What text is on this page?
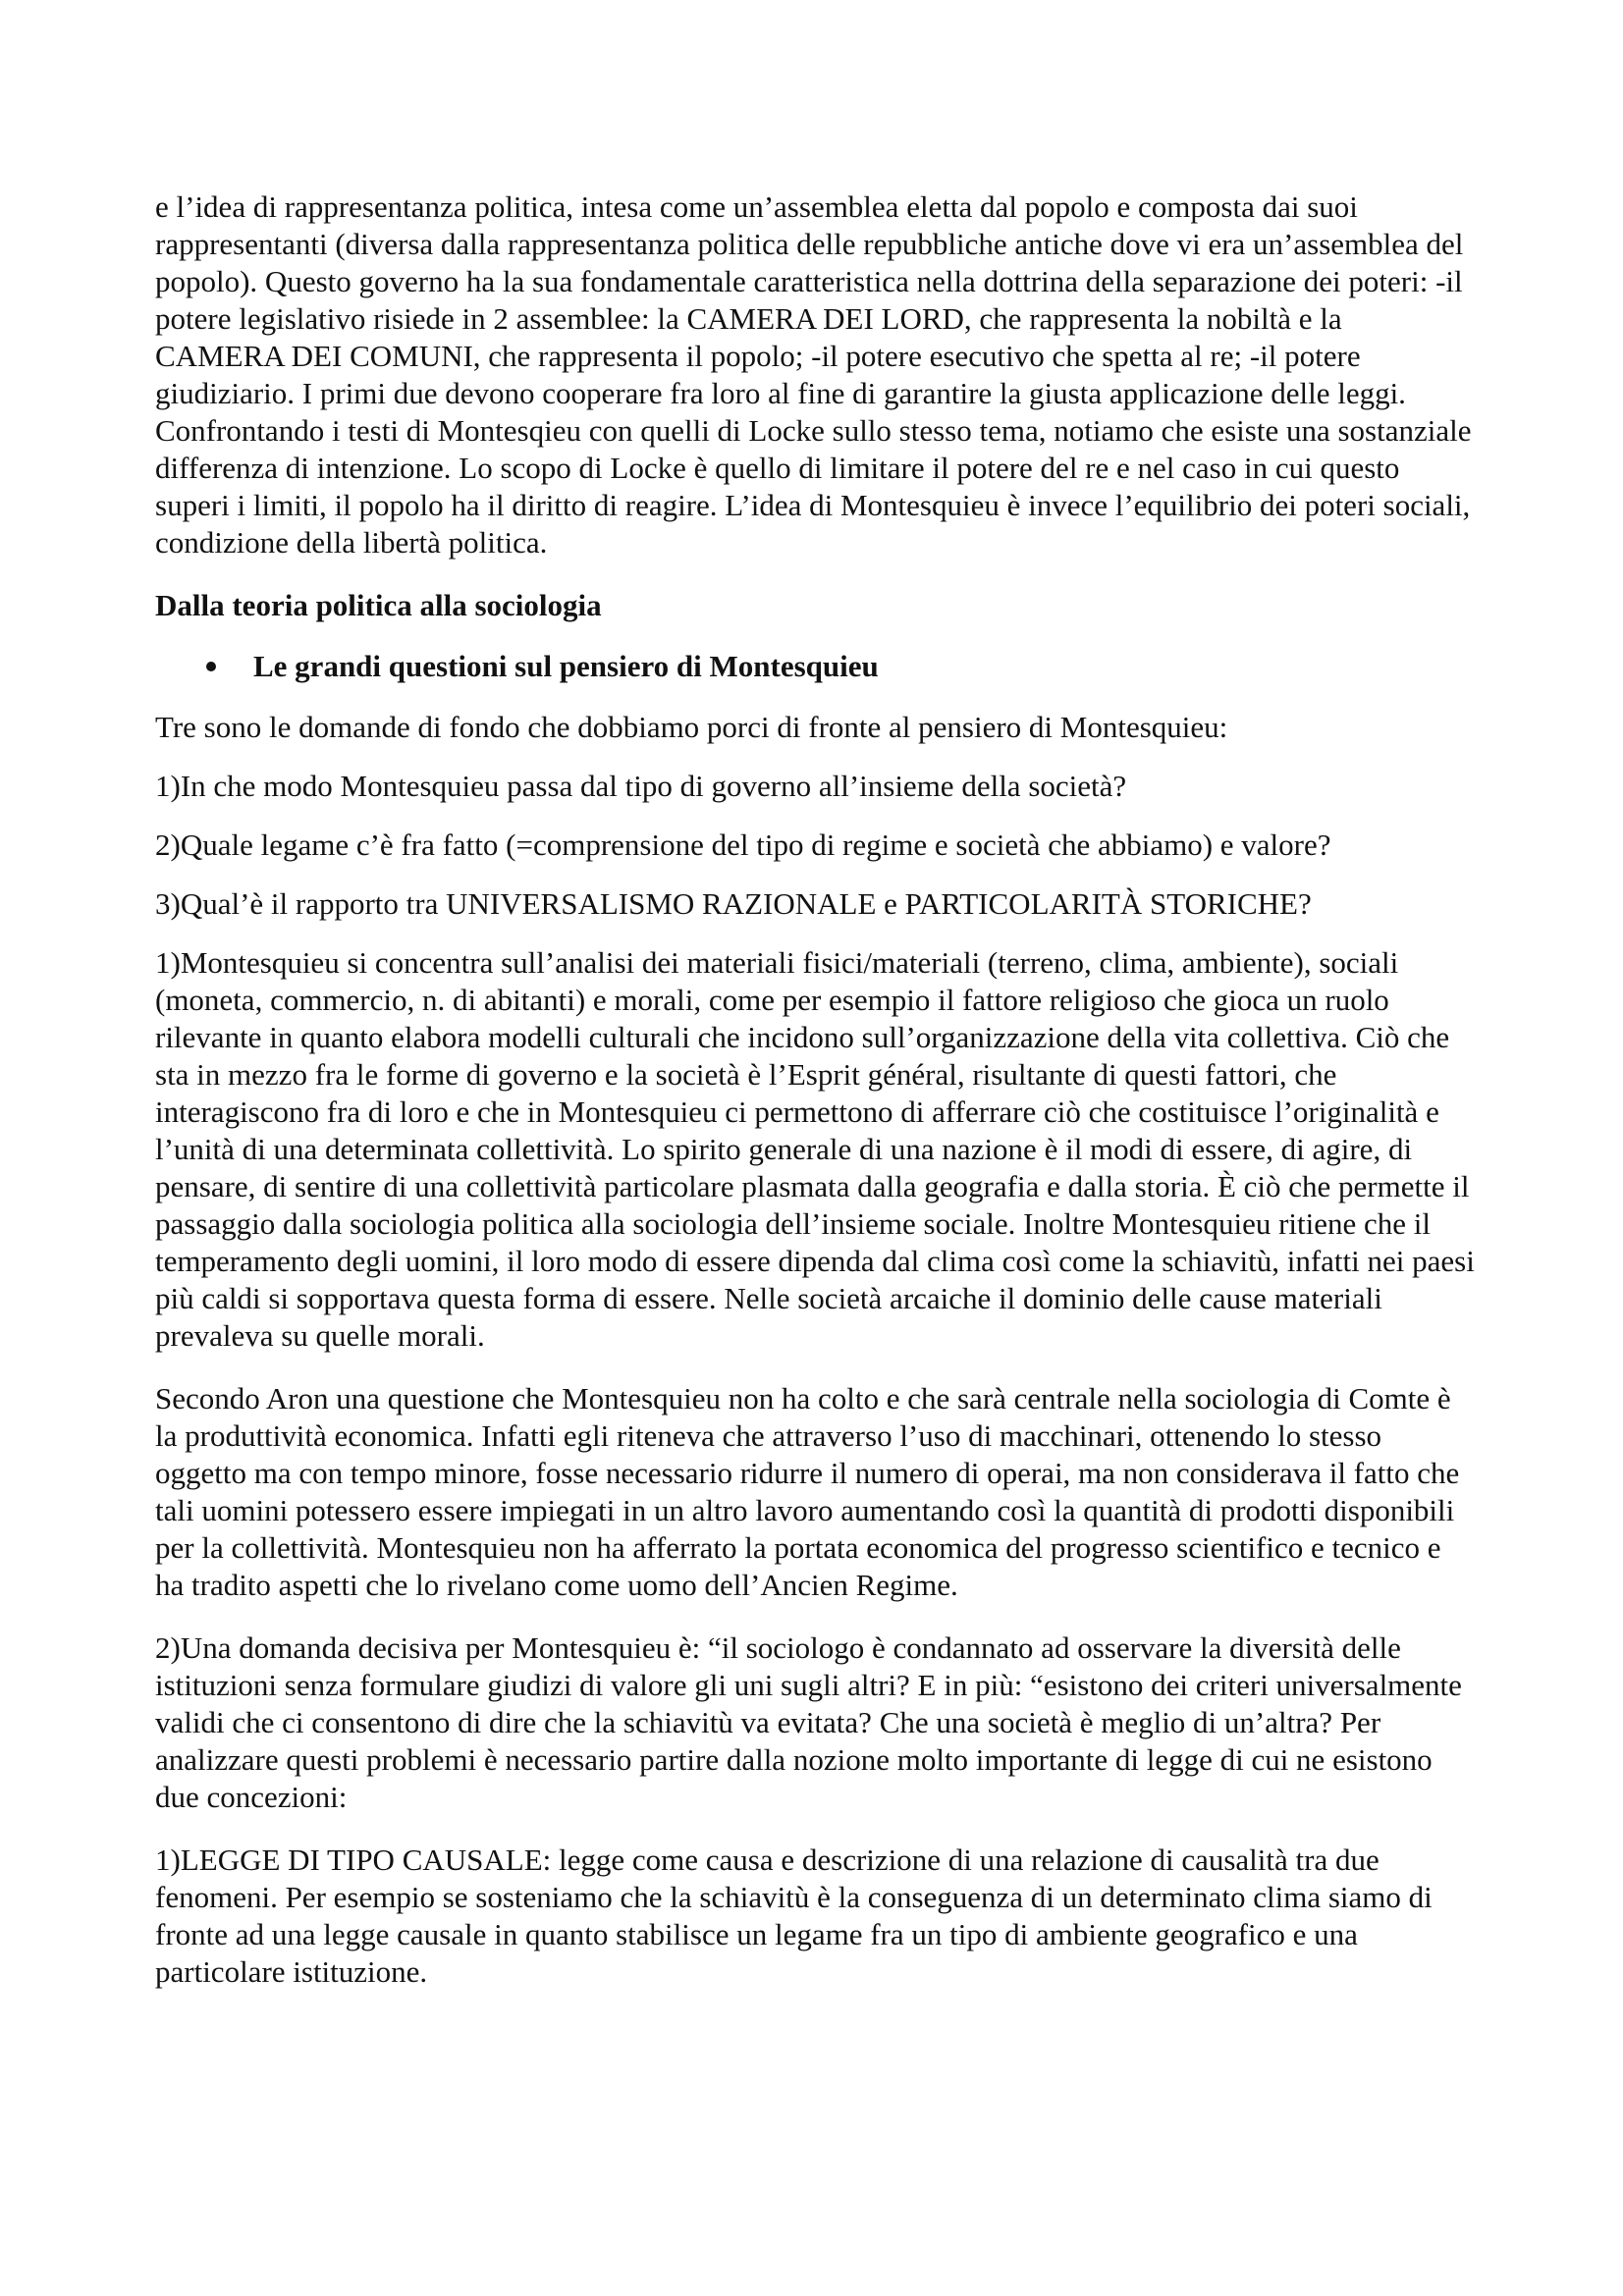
e l’idea di rappresentanza politica, intesa come un’assemblea eletta dal popolo e composta dai suoi rappresentanti (diversa dalla rappresentanza politica delle repubbliche antiche dove vi era un’assemblea del popolo). Questo governo ha la sua fondamentale caratteristica nella dottrina della separazione dei poteri: -il potere legislativo risiede in 2 assemblee: la CAMERA DEI LORD, che rappresenta la nobiltà e la CAMERA DEI COMUNI, che rappresenta il popolo; -il potere esecutivo che spetta al re; -il potere giudiziario. I primi due devono cooperare fra loro al fine di garantire la giusta applicazione delle leggi. Confrontando i testi di Montesqieu con quelli di Locke sullo stesso tema, notiamo che esiste una sostanziale differenza di intenzione. Lo scopo di Locke è quello di limitare il potere del re e nel caso in cui questo superi i limiti, il popolo ha il diritto di reagire. L’idea di Montesquieu è invece l’equilibrio dei poteri sociali, condizione della libertà politica.

Dalla teoria politica alla sociologia
Le grandi questioni sul pensiero di Montesquieu

Tre sono le domande di fondo che dobbiamo porci di fronte al pensiero di Montesquieu:

1)In che modo Montesquieu passa dal tipo di governo all’insieme della società?

2)Quale legame c’è fra fatto (=comprensione del tipo di regime e società che abbiamo) e valore?

3)Qual’è il rapporto tra UNIVERSALISMO RAZIONALE e PARTICOLARITÀ STORICHE?

1)Montesquieu si concentra sull’analisi dei materiali fisici/materiali (terreno, clima, ambiente), sociali (moneta, commercio, n. di abitanti) e morali, come per esempio il fattore religioso che gioca un ruolo rilevante in quanto elabora modelli culturali che incidono sull’organizzazione della vita collettiva. Ciò che sta in mezzo fra le forme di governo e la società è l’Esprit général, risultante di questi fattori, che interagiscono fra di loro e che in Montesquieu ci permettono di afferrare ciò che costituisce l’originalità e l’unità di una determinata collettività. Lo spirito generale di una nazione è il modi di essere, di agire, di pensare, di sentire di una collettività particolare plasmata dalla geografia e dalla storia. È ciò che permette il passaggio dalla sociologia politica alla sociologia dell’insieme sociale. Inoltre Montesquieu ritiene che il temperamento degli uomini, il loro modo di essere dipenda dal clima così come la schiavitù, infatti nei paesi più caldi si sopportava questa forma di essere. Nelle società arcaiche il dominio delle cause materiali prevaleva su quelle morali.

Secondo Aron una questione che Montesquieu non ha colto e che sarà centrale nella sociologia di Comte è la produttività economica. Infatti egli riteneva che attraverso l’uso di macchinari, ottenendo lo stesso oggetto ma con tempo minore, fosse necessario ridurre il numero di operai, ma non considerava il fatto che tali uomini potessero essere impiegati in un altro lavoro aumentando così la quantità di prodotti disponibili per la collettività. Montesquieu non ha afferrato la portata economica del progresso scientifico e tecnico e ha tradito aspetti che lo rivelano come uomo dell’Ancien Regime.

2)Una domanda decisiva per Montesquieu è: “il sociologo è condannato ad osservare la diversità delle istituzioni senza formulare giudizi di valore gli uni sugli altri? E in più: “esistono dei criteri universalmente validi che ci consentono di dire che la schiavitù va evitata? Che una società è meglio di un’altra? Per analizzare questi problemi è necessario partire dalla nozione molto importante di legge di cui ne esistono due concezioni:

1)LEGGE DI TIPO CAUSALE: legge come causa e descrizione di una relazione di causalità tra due fenomeni. Per esempio se sosteniamo che la schiavitù è la conseguenza di un determinato clima siamo di fronte ad una legge causale in quanto stabilisce un legame fra un tipo di ambiente geografico e una particolare istituzione.
